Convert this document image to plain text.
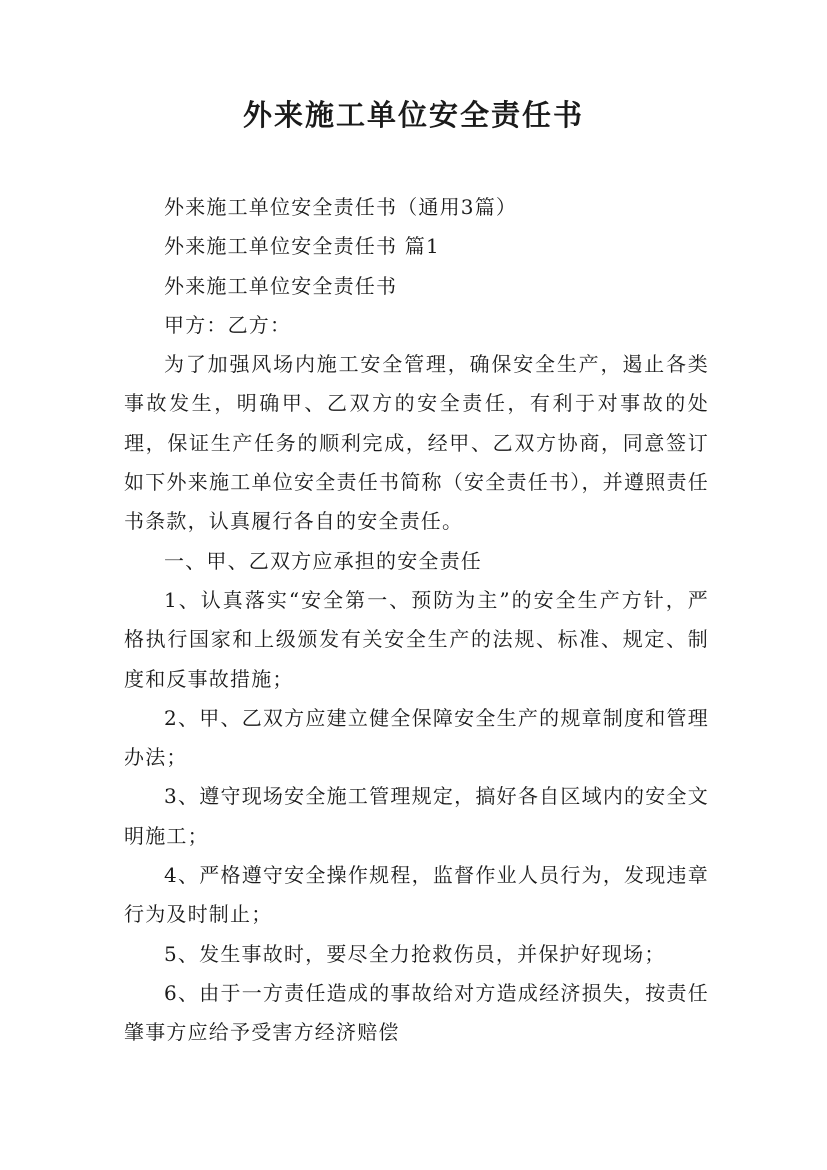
外来施工单位安全责任书

外来施工单位安全责任书（通用3篇）

外来施工单位安全责任书 篇1

外来施工单位安全责任书

甲方：乙方：

为了加强风场内施工安全管理，确保安全生产，遏止各类事故发生，明确甲、乙双方的安全责任，有利于对事故的处理，保证生产任务的顺利完成，经甲、乙双方协商，同意签订如下外来施工单位安全责任书简称（安全责任书），并遵照责任书条款，认真履行各自的安全责任。

一、甲、乙双方应承担的安全责任

1、认真落实“安全第一、预防为主”的安全生产方针，严格执行国家和上级颁发有关安全生产的法规、标准、规定、制度和反事故措施；

2、甲、乙双方应建立健全保障安全生产的规章制度和管理办法；

3、遵守现场安全施工管理规定，搞好各自区域内的安全文明施工；

4、严格遵守安全操作规程，监督作业人员行为，发现违章行为及时制止；

5、发生事故时，要尽全力抢救伤员，并保护好现场；

6、由于一方责任造成的事故给对方造成经济损失，按责任肇事方应给予受害方经济赔偿
